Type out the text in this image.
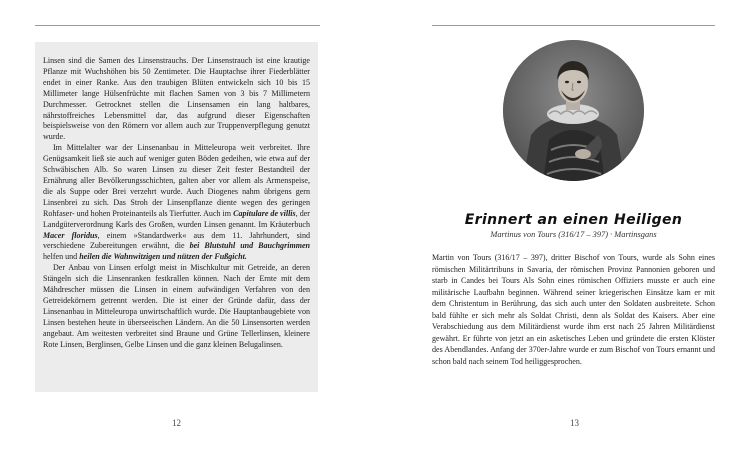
Linsen sind die Samen des Linsenstrauchs. Der Linsenstrauch ist eine krautige Pflanze mit Wuchshöhen bis 50 Zentimeter. Die Hauptachse ihrer Fiederblätter endet in einer Ranke. Aus den traubigen Blüten entwickeln sich 10 bis 15 Millimeter lange Hülsenfrüchte mit flachen Samen von 3 bis 7 Millimetern Durchmesser. Getrocknet stellen die Linsensamen ein lang haltbares, nährstoffreiches Lebensmittel dar, das aufgrund dieser Eigenschaften beispielsweise von den Römern vor allem auch zur Truppenverpflegung genutzt wurde.

Im Mittelalter war der Linsenanbau in Mitteleuropa weit verbreitet. Ihre Genügsamkeit ließ sie auch auf weniger guten Böden gedeihen, wie etwa auf der Schwäbischen Alb. So waren Linsen zu dieser Zeit fester Bestandteil der Ernährung aller Bevölkerungsschichten, galten aber vor allem als Armenspeise, die als Suppe oder Brei verzehrt wurde. Auch Diogenes nahm übrigens gern Linsenbrei zu sich. Das Stroh der Linsenpflanze diente wegen des geringen Rohfaser- und hohen Proteinanteils als Tierfutter. Auch im Capitulare de villis, der Landgüterverordnung Karls des Großen, wurden Linsen genannt. Im Kräuterbuch Macer floridus, einem »Standardwerk« aus dem 11. Jahrhundert, sind verschiedene Zubereitungen erwähnt, die bei Blutstuhl und Bauchgrimmen helfen und heilen die Wahnwitzigen und nützen der Fußgicht.

Der Anbau von Linsen erfolgt meist in Mischkultur mit Getreide, an deren Stängeln sich die Linsenranken festkrallen können. Nach der Ernte mit dem Mähdrescher müssen die Linsen in einem aufwändigen Verfahren von den Getreidekörnern getrennt werden. Die ist einer der Gründe dafür, dass der Linsenanbau in Mitteleuropa unwirtschaftlich wurde. Die Hauptanbaugebiete von Linsen bestehen heute in überseeischen Ländern. An die 50 Linsensorten werden angebaut. Am weitesten verbreitet sind Braune und Grüne Tellerlinsen, kleinere Rote Linsen, Berglinsen, Gelbe Linsen und die ganz kleinen Belugalinsen.

12
Erinnert an einen Heiligen
Martinus von Tours (316/17 – 397) · Martinsgans

Martin von Tours (316/17 – 397), dritter Bischof von Tours, wurde als Sohn eines römischen Militärtribuns in Savaria, der römischen Provinz Pannonien geboren und starb in Candes bei Tours Als Sohn eines römischen Offiziers musste er auch eine militärische Laufbahn beginnen. Während seiner kriegerischen Einsätze kam er mit dem Christentum in Berührung, das sich auch unter den Soldaten ausbreitete. Schon bald fühlte er sich mehr als Soldat Christi, denn als Soldat des Kaisers. Aber eine Verabschiedung aus dem Militärdienst wurde ihm erst nach 25 Jahren Militärdienst gewährt. Er führte von jetzt an ein asketisches Leben und gründete die ersten Klöster des Abendlandes. Anfang der 370er-Jahre wurde er zum Bischof von Tours ernannt und schon bald nach seinem Tod heiliggesprochen.

13
